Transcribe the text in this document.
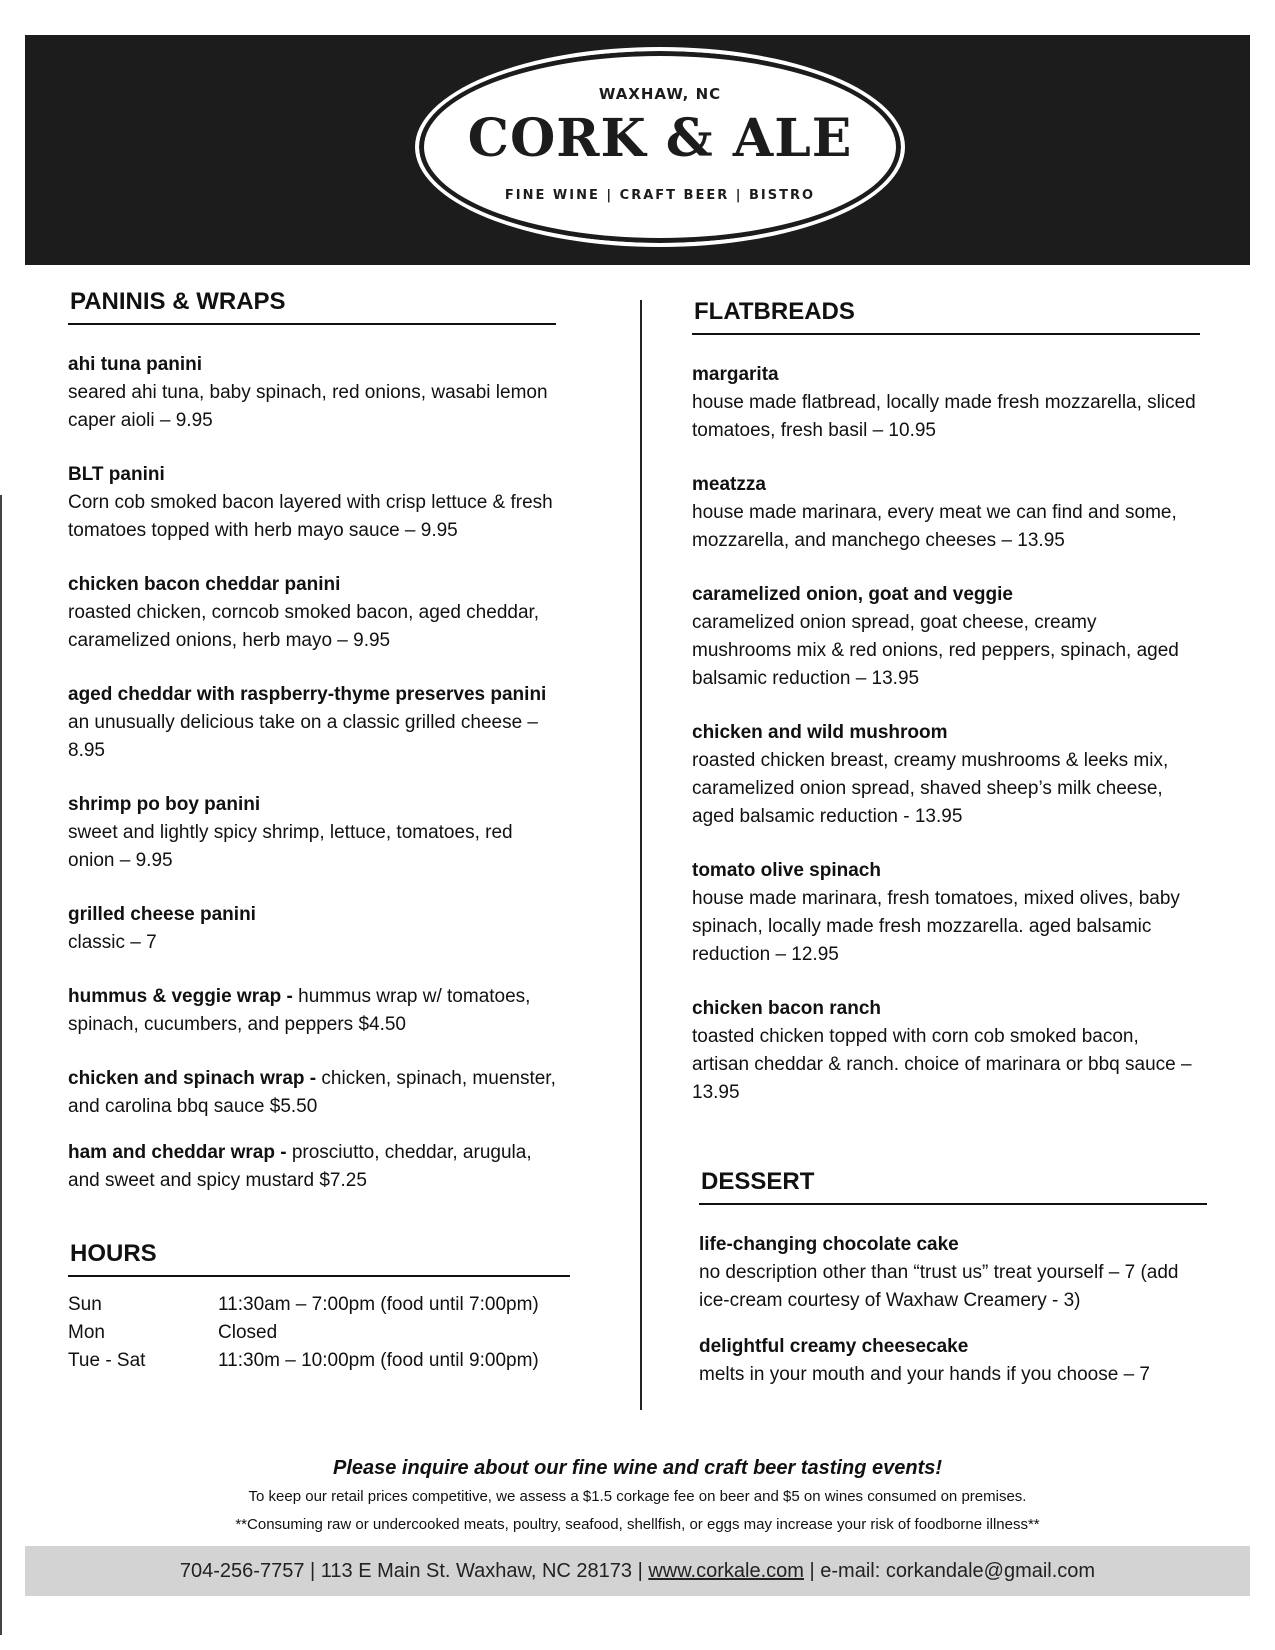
WAXHAW, NC
CORK & ALE
FINE WINE | CRAFT BEER | BISTRO
PANINIS & WRAPS
ahi tuna panini
seared ahi tuna, baby spinach, red onions, wasabi lemon caper aioli – 9.95
BLT panini
Corn cob smoked bacon layered with crisp lettuce & fresh tomatoes topped with herb mayo sauce – 9.95
chicken bacon cheddar panini
roasted chicken, corncob smoked bacon, aged cheddar, caramelized onions, herb mayo – 9.95
aged cheddar with raspberry-thyme preserves panini
an unusually delicious take on a classic grilled cheese – 8.95
shrimp po boy panini
sweet and lightly spicy shrimp, lettuce, tomatoes, red onion – 9.95
grilled cheese panini
classic – 7
hummus & veggie wrap - hummus wrap w/ tomatoes, spinach, cucumbers, and peppers $4.50
chicken and spinach wrap - chicken, spinach, muenster, and carolina bbq sauce $5.50
ham and cheddar wrap - prosciutto, cheddar, arugula, and sweet and spicy mustard $7.25
HOURS
Sun	11:30am – 7:00pm (food until 7:00pm)
Mon	Closed
Tue - Sat	11:30m – 10:00pm (food until 9:00pm)
FLATBREADS
margarita
house made flatbread, locally made fresh mozzarella, sliced tomatoes, fresh basil – 10.95
meatzza
house made marinara, every meat we can find and some, mozzarella, and manchego cheeses – 13.95
caramelized onion, goat and veggie
caramelized onion spread, goat cheese, creamy mushrooms mix & red onions, red peppers, spinach, aged balsamic reduction – 13.95
chicken and wild mushroom
roasted chicken breast, creamy mushrooms & leeks mix, caramelized onion spread, shaved sheep’s milk cheese, aged balsamic reduction - 13.95
tomato olive spinach
house made marinara, fresh tomatoes, mixed olives, baby spinach, locally made fresh mozzarella. aged balsamic reduction – 12.95
chicken bacon ranch
toasted chicken topped with corn cob smoked bacon, artisan cheddar & ranch. choice of marinara or bbq sauce – 13.95
DESSERT
life-changing chocolate cake
no description other than “trust us” treat yourself – 7 (add ice-cream courtesy of Waxhaw Creamery - 3)
delightful creamy cheesecake
melts in your mouth and your hands if you choose – 7
Please inquire about our fine wine and craft beer tasting events!
To keep our retail prices competitive, we assess a $1.5 corkage fee on beer and $5 on wines consumed on premises.
**Consuming raw or undercooked meats, poultry, seafood, shellfish, or eggs may increase your risk of foodborne illness**
704-256-7757 | 113 E Main St. Waxhaw, NC 28173 | www.corkale.com | e-mail: corkandale@gmail.com
